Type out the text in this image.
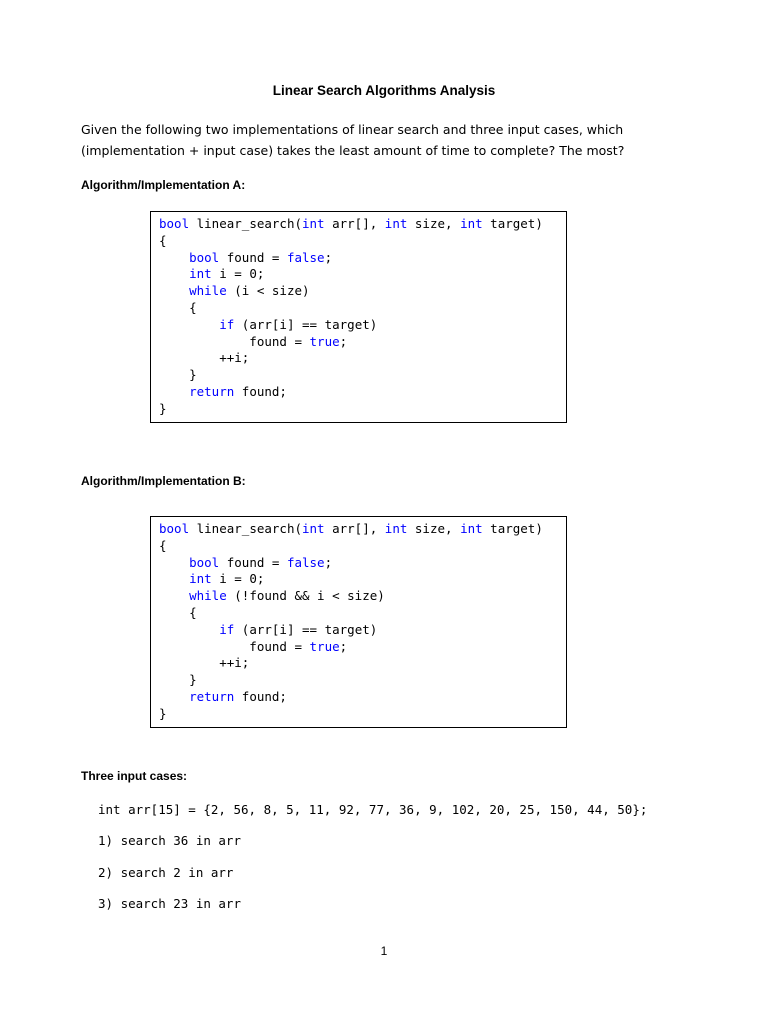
Linear Search Algorithms Analysis

Given the following two implementations of linear search and three input cases, which (implementation + input case) takes the least amount of time to complete? The most?

Algorithm/Implementation A:

bool linear_search(int arr[], int size, int target)
{
bool found = false;
int i = 0;
while (i < size)
{
if (arr[i] == target)
found = true;
++i;
}
return found;
}

Algorithm/Implementation B:

bool linear_search(int arr[], int size, int target)
{
bool found = false;
int i = 0;
while (!found && i < size)
{
if (arr[i] == target)
found = true;
++i;
}
return found;
}

Three input cases:

int arr[15] = {2, 56, 8, 5, 11, 92, 77, 36, 9, 102, 20, 25, 150, 44, 50};

1) search 36 in arr

2) search 2 in arr

3) search 23 in arr

1
